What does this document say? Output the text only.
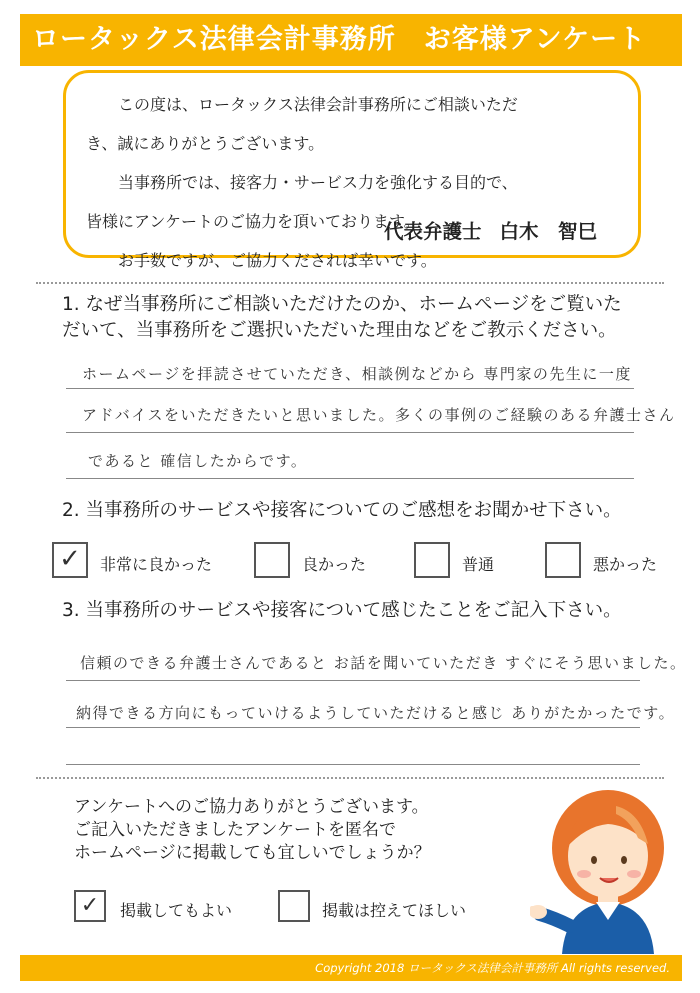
ロータックス法律会計事務所 お客様アンケート

この度は、ロータックス法律会計事務所にご相談いただ

き、誠にありがとうございます。

当事務所では、接客力・サービス力を強化する目的で、

皆様にアンケートのご協力を頂いております。

お手数ですが、ご協力くだされば幸いです。

代表弁護士 白木　智巳
1. なぜ当事務所にご相談いただけたのか、ホームページをご覧いた
だいて、当事務所をご選択いただいた理由などをご教示ください。
ホームページを拝読させていただき、相談例などから 専門家の先生に一度
アドバイスをいただきたいと思いました。多くの事例のご経験のある弁護士さん
であると 確信したからです。
2. 当事務所のサービスや接客についてのご感想をお聞かせ下さい。
✓	非常に良かった	良かった	普通	悪かった
3. 当事務所のサービスや接客について感じたことをご記入下さい。
信頼のできる弁護士さんであると お話を聞いていただき すぐにそう思いました。
納得できる方向にもっていけるようしていただけると感じ ありがたかったです。
アンケートへのご協力ありがとうございます。
ご記入いただきましたアンケートを匿名で
ホームページに掲載しても宜しいでしょうか？
✓ 掲載してもよい	掲載は控えてほしい
Copyright 2018 ロータックス法律会計事務所 All rights reserved.
